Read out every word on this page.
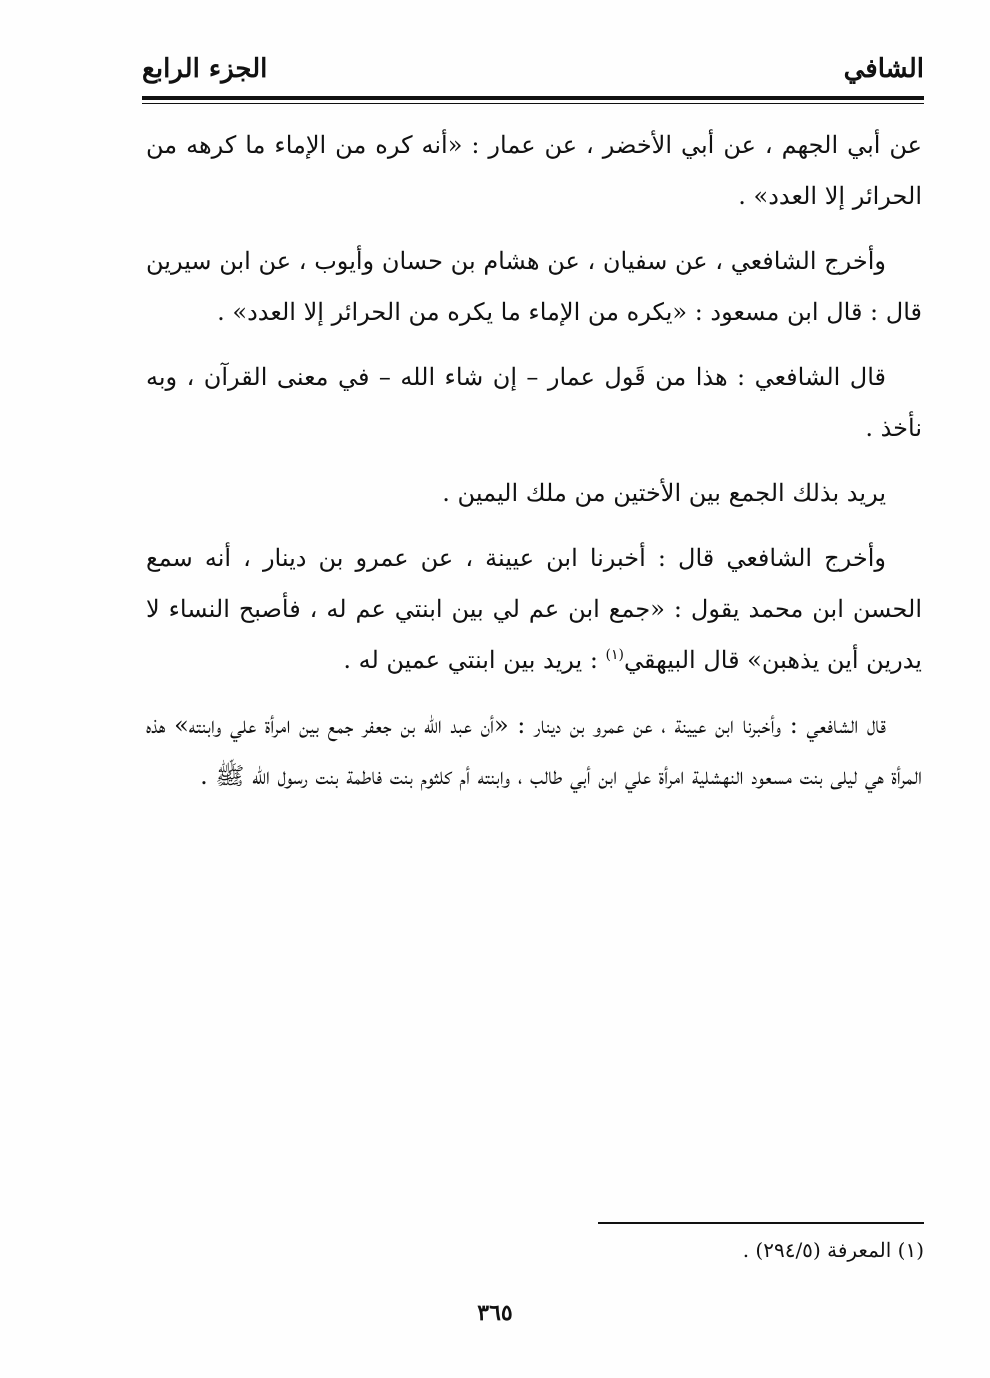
الشافي
الجزء الرابع

عن أبي الجهم ، عن أبي الأخضر ، عن عمار : «أنه كره من الإماء ما كرهه من الحرائر إلا العدد» .

وأخرج الشافعي ، عن سفيان ، عن هشام بن حسان وأيوب ، عن ابن سيرين قال : قال ابن مسعود : «يكره من الإماء ما يكره من الحرائر إلا العدد» .

قال الشافعي : هذا من قَول عمار – إن شاء الله – في معنى القرآن ، وبه نأخذ .

يريد بذلك الجمع بين الأختين من ملك اليمين .

وأخرج الشافعي قال : أخبرنا ابن عيينة ، عن عمرو بن دينار ، أنه سمع الحسن ابن محمد يقول : «جمع ابن عم لي بين ابنتي عم له ، فأصبح النساء لا يدرين أين يذهبن» قال البيهقي$^{(١)}$ : يريد بين ابنتي عمين له .

قال الشافعي : وأخبرنا ابن عيينة ، عن عمرو بن دينار : «أن عبد الله بن جعفر جمع بين امرأة علي وابنته» هذه المرأة هي ليلى بنت مسعود النهشلية امرأة علي ابن أبي طالب ، وابنته أم كلثوم بنت فاطمة بنت رسول الله ﷺ .

(١) المعرفة (٢٩٤/٥) .
٣٦٥
